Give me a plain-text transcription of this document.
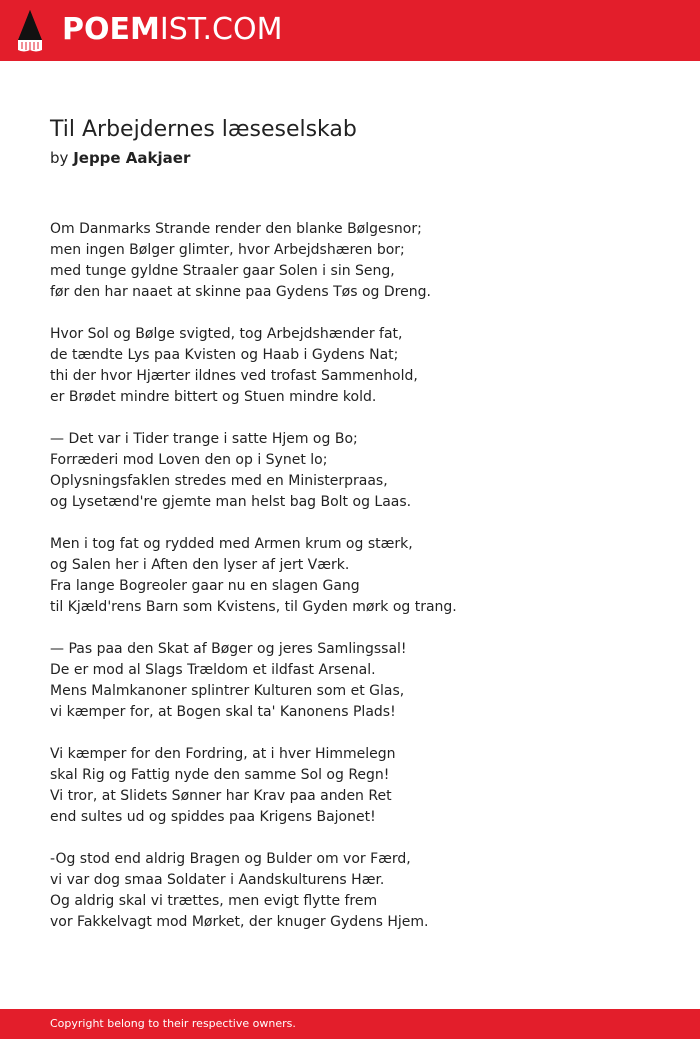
POEMIST.COM
Til Arbejdernes læseselskab
by Jeppe Aakjaer
Om Danmarks Strande render den blanke Bølgesnor;
men ingen Bølger glimter, hvor Arbejdshæren bor;
med tunge gyldne Straaler gaar Solen i sin Seng,
før den har naaet at skinne paa Gydens Tøs og Dreng.
Hvor Sol og Bølge svigted, tog Arbejdshænder fat,
de tændte Lys paa Kvisten og Haab i Gydens Nat;
thi der hvor Hjærter ildnes ved trofast Sammenhold,
er Brødet mindre bittert og Stuen mindre kold.
— Det var i Tider trange i satte Hjem og Bo;
Forræderi mod Loven den op i Synet lo;
Oplysningsfaklen stredes med en Ministerpraas,
og Lysetænd're gjemte man helst bag Bolt og Laas.
Men i tog fat og rydded med Armen krum og stærk,
og Salen her i Aften den lyser af jert Værk.
Fra lange Bogreoler gaar nu en slagen Gang
til Kjæld'rens Barn som Kvistens, til Gyden mørk og trang.
— Pas paa den Skat af Bøger og jeres Samlingssal!
De er mod al Slags Trældom et ildfast Arsenal.
Mens Malmkanoner splintrer Kulturen som et Glas,
vi kæmper for, at Bogen skal ta' Kanonens Plads!
Vi kæmper for den Fordring, at i hver Himmelegn
skal Rig og Fattig nyde den samme Sol og Regn!
Vi tror, at Slidets Sønner har Krav paa anden Ret
end sultes ud og spiddes paa Krigens Bajonet!
-Og stod end aldrig Bragen og Bulder om vor Færd,
vi var dog smaa Soldater i Aandskulturens Hær.
Og aldrig skal vi trættes, men evigt flytte frem
vor Fakkelvagt mod Mørket, der knuger Gydens Hjem.
Copyright belong to their respective owners.
